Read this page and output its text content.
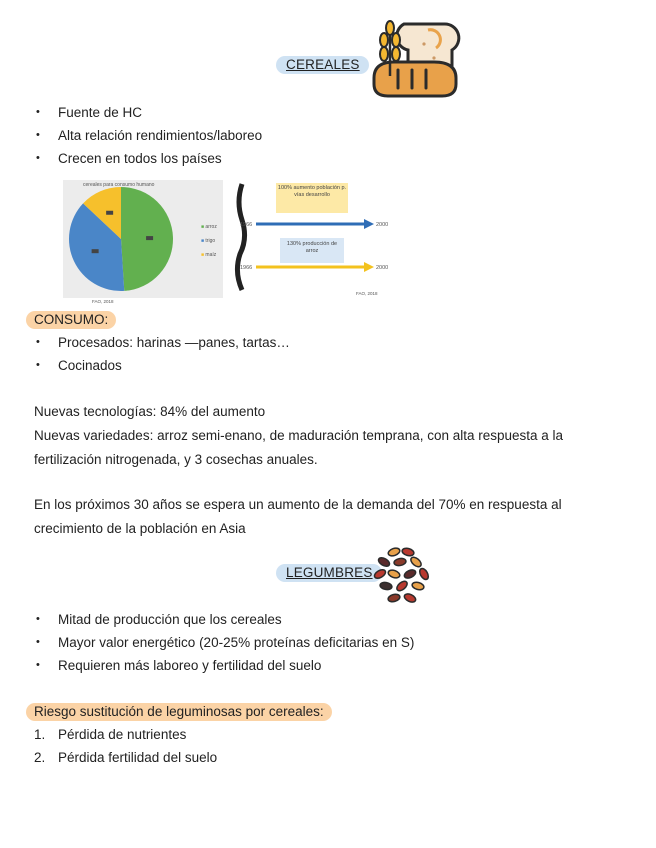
CEREALES
• Fuente de HC
• Alta relación rendimientos/laboreo
• Crecen en todos los países
cereales para consumo humano
■ arroz
■ trigo
■ maíz
FAO, 2018
100% aumento población p. vías desarrollo
1966	2000
130% producción de arroz
1966	2000
FAO, 2018
CONSUMO:
• Procesados: harinas —panes, tartas…
• Cocinados
Nuevas tecnologías: 84% del aumento
Nuevas variedades: arroz semi-enano, de maduración temprana, con alta respuesta a la fertilización nitrogenada, y 3 cosechas anuales.
En los próximos 30 años se espera un aumento de la demanda del 70% en respuesta al crecimiento de la población en Asia
LEGUMBRES
• Mitad de producción que los cereales
• Mayor valor energético (20-25% proteínas deficitarias en S)
• Requieren más laboreo y fertilidad del suelo
Riesgo sustitución de leguminosas por cereales:
1. Pérdida de nutrientes
2. Pérdida fertilidad del suelo
